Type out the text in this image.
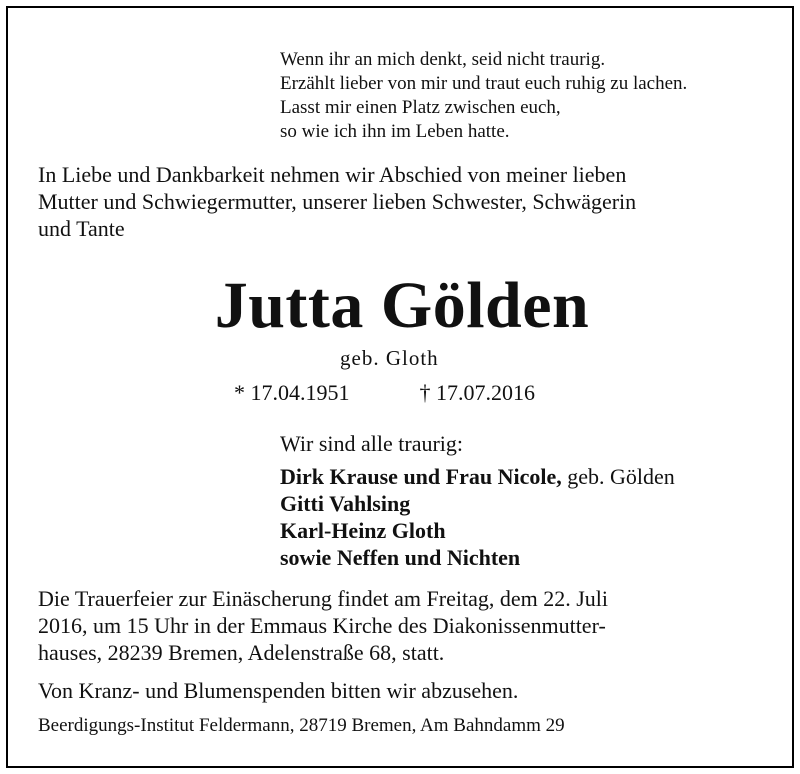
Wenn ihr an mich denkt, seid nicht traurig.
Erzählt lieber von mir und traut euch ruhig zu lachen.
Lasst mir einen Platz zwischen euch,
so wie ich ihn im Leben hatte.
In Liebe und Dankbarkeit nehmen wir Abschied von meiner lieben
Mutter und Schwiegermutter, unserer lieben Schwester, Schwägerin
und Tante
Jutta Gölden
geb. Gloth
* 17.04.1951	† 17.07.2016
Wir sind alle traurig:
Dirk Krause und Frau Nicole, geb. Gölden
Gitti Vahlsing
Karl-Heinz Gloth
sowie Neffen und Nichten
Die Trauerfeier zur Einäscherung findet am Freitag, dem 22. Juli
2016, um 15 Uhr in der Emmaus Kirche des Diakonissenmutter-
hauses, 28239 Bremen, Adelenstraße 68, statt.
Von Kranz- und Blumenspenden bitten wir abzusehen.
Beerdigungs-Institut Feldermann, 28719 Bremen, Am Bahndamm 29
